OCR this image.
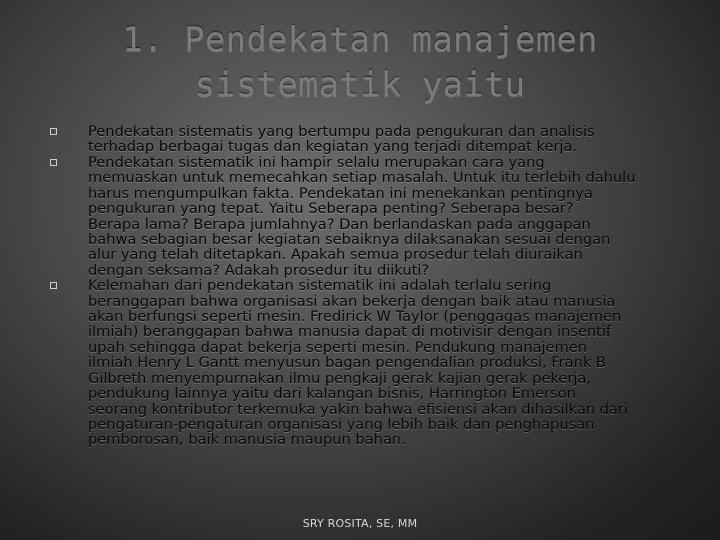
1. Pendekatan manajemen
sistematik yaitu

Pendekatan sistematis yang bertumpu pada pengukuran dan analisis
terhadap berbagai tugas dan kegiatan yang terjadi ditempat kerja.

Pendekatan sistematik ini hampir selalu merupakan cara yang
memuaskan untuk memecahkan setiap masalah. Untuk itu terlebih dahulu
harus mengumpulkan fakta. Pendekatan ini menekankan pentingnya
pengukuran yang tepat. Yaitu Seberapa penting? Seberapa besar?
Berapa lama? Berapa jumlahnya? Dan berlandaskan pada anggapan
bahwa sebagian besar kegiatan sebaiknya dilaksanakan sesuai dengan
alur yang telah ditetapkan. Apakah semua prosedur telah diuraikan
dengan seksama? Adakah prosedur itu diikuti?

Kelemahan dari pendekatan sistematik ini adalah terlalu sering
beranggapan bahwa organisasi akan bekerja dengan baik atau manusia
akan berfungsi seperti mesin. Fredirick W Taylor (penggagas manajemen
ilmiah) beranggapan bahwa manusia dapat di motivisir dengan insentif
upah sehingga dapat bekerja seperti mesin. Pendukung manajemen
ilmiah Henry L Gantt menyusun bagan pengendalian produksi, Frank B
Gilbreth menyempurnakan ilmu pengkaji gerak kajian gerak pekerja,
pendukung lainnya yaitu dari kalangan bisnis, Harrington Emerson
seorang kontributor terkemuka yakin bahwa efisiensi akan dihasilkan dari
pengaturan-pengaturan organisasi yang lebih baik dan penghapusan
pemborosan, baik manusia maupun bahan.

SRY ROSITA, SE, MM
